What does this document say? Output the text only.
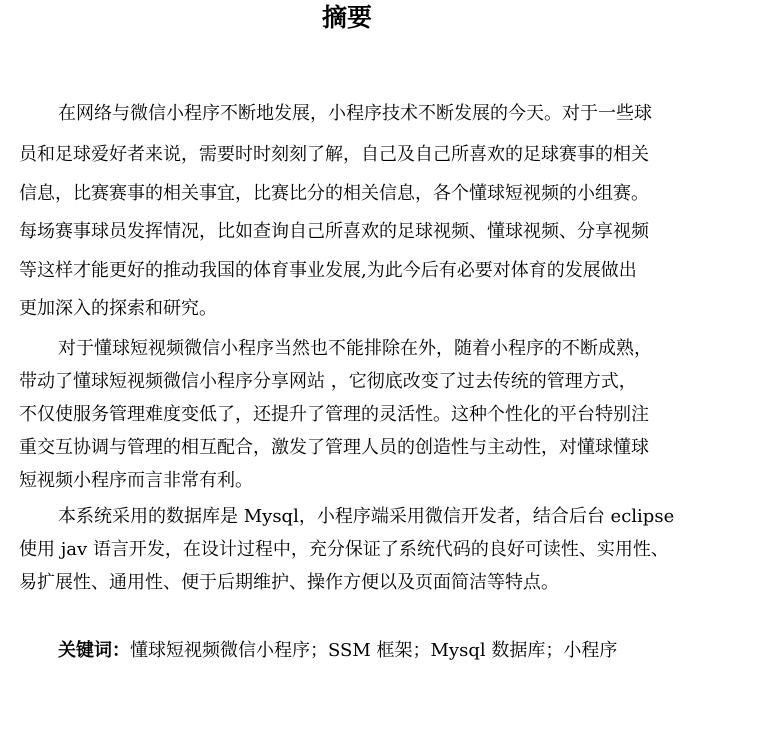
摘要

在网络与微信小程序不断地发展，小程序技术不断发展的今天。对于一些球

员和足球爱好者来说，需要时时刻刻了解，自己及自己所喜欢的足球赛事的相关

信息，比赛赛事的相关事宜，比赛比分的相关信息，各个懂球短视频的小组赛。

每场赛事球员发挥情况，比如查询自己所喜欢的足球视频、懂球视频、分享视频

等这样才能更好的推动我国的体育事业发展,为此今后有必要对体育的发展做出

更加深入的探索和研究。

对于懂球短视频微信小程序当然也不能排除在外，随着小程序的不断成熟，

带动了懂球短视频微信小程序分享网站 ，它彻底改变了过去传统的管理方式，

不仅使服务管理难度变低了，还提升了管理的灵活性。这种个性化的平台特别注

重交互协调与管理的相互配合，激发了管理人员的创造性与主动性，对懂球懂球

短视频小程序而言非常有利。

本系统采用的数据库是 Mysql，小程序端采用微信开发者，结合后台 eclipse

使用 jav 语言开发，在设计过程中，充分保证了系统代码的良好可读性、实用性、

易扩展性、通用性、便于后期维护、操作方便以及页面简洁等特点。

关键词：懂球短视频微信小程序；SSM 框架；Mysql 数据库；小程序
